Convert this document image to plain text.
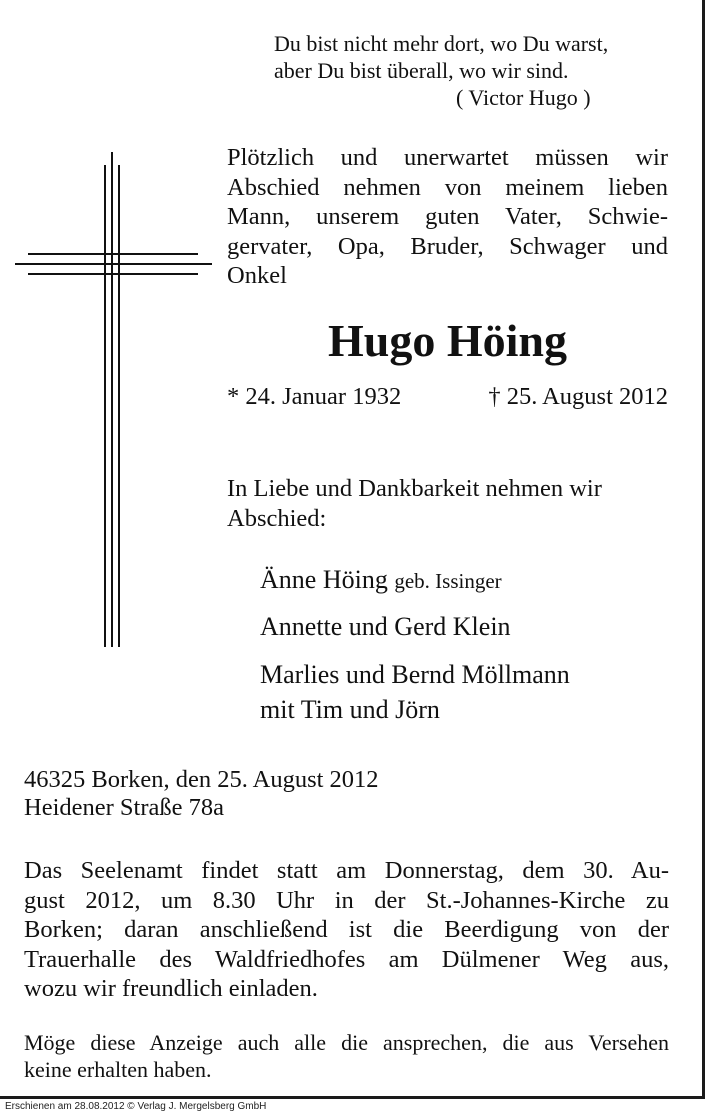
Du bist nicht mehr dort, wo Du warst,
aber Du bist überall, wo wir sind.
( Victor Hugo )
Plötzlich und unerwartet müssen wir
Abschied nehmen von meinem lieben
Mann, unserem guten Vater, Schwie-
gervater, Opa, Bruder, Schwager und
Onkel
Hugo Höing
* 24. Januar 1932	† 25. August 2012
In Liebe und Dankbarkeit nehmen wir
Abschied:
Änne Höing geb. Issinger
Annette und Gerd Klein
Marlies und Bernd Möllmann
mit Tim und Jörn
46325 Borken, den 25. August 2012
Heidener Straße 78a
Das Seelenamt findet statt am Donnerstag, dem 30. Au-
gust 2012, um 8.30 Uhr in der St.-Johannes-Kirche zu
Borken; daran anschließend ist die Beerdigung von der
Trauerhalle des Waldfriedhofes am Dülmener Weg aus,
wozu wir freundlich einladen.
Möge diese Anzeige auch alle die ansprechen, die aus Versehen
keine erhalten haben.
Erschienen am 28.08.2012 © Verlag J. Mergelsberg GmbH
